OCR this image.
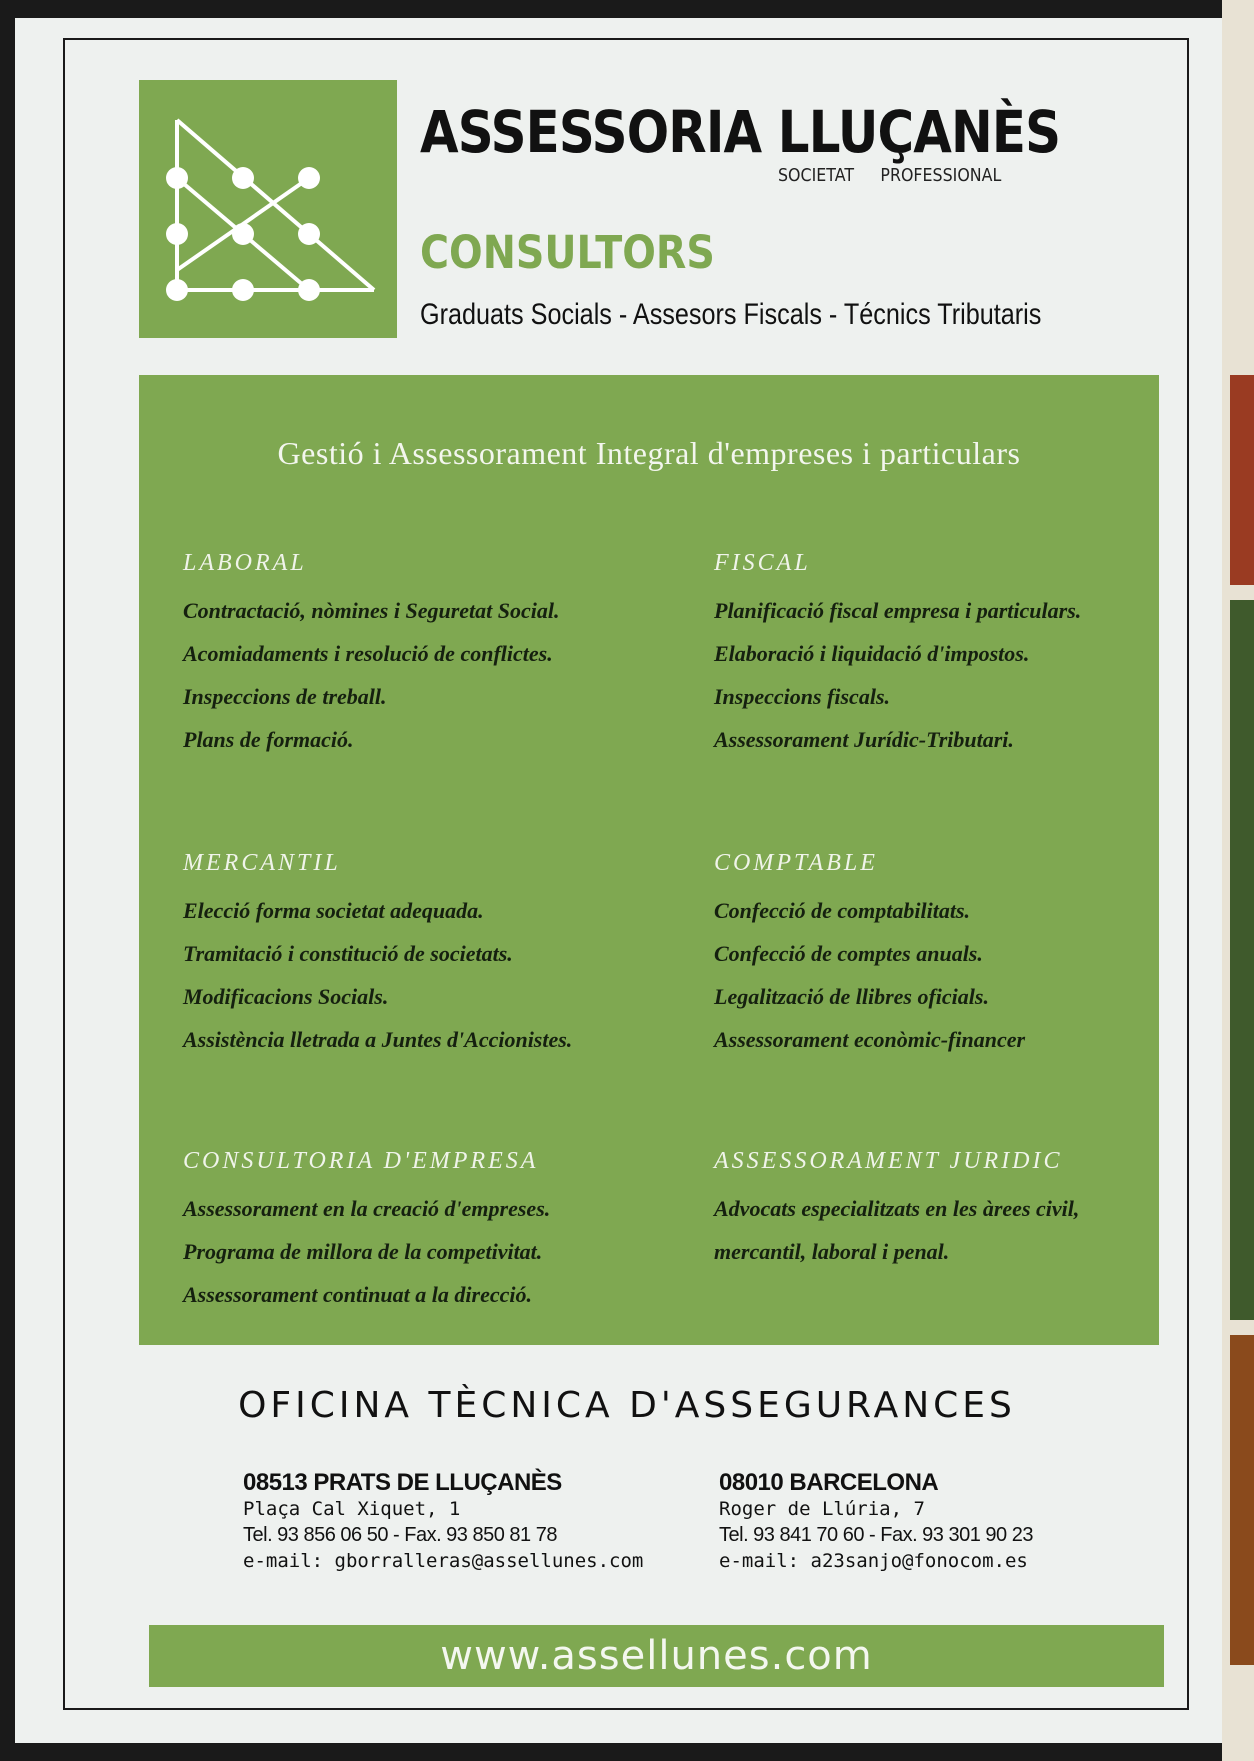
ASSESSORIA LLUÇANÈS
SOCIETAT PROFESSIONAL
CONSULTORS
Graduats Socials - Assesors Fiscals - Técnics Tributaris
Gestió i Assessorament Integral d'empreses i particulars
LABORAL
Contractació, nòmines i Seguretat Social.
Acomiadaments i resolució de conflictes.
Inspeccions de treball.
Plans de formació.
FISCAL
Planificació fiscal empresa i particulars.
Elaboració i liquidació d'impostos.
Inspeccions fiscals.
Assessorament Jurídic-Tributari.
MERCANTIL
Elecció forma societat adequada.
Tramitació i constitució de societats.
Modificacions Socials.
Assistència lletrada a Juntes d'Accionistes.
COMPTABLE
Confecció de comptabilitats.
Confecció de comptes anuals.
Legalització de llibres oficials.
Assessorament econòmic-financer
CONSULTORIA D'EMPRESA
Assessorament en la creació d'empreses.
Programa de millora de la competivitat.
Assessorament continuat a la direcció.
ASSESSORAMENT JURIDIC
Advocats especialitzats en les àrees civil,
mercantil, laboral i penal.
OFICINA TÈCNICA D'ASSEGURANCES
08513 PRATS DE LLUÇANÈS
Plaça Cal Xiquet, 1
Tel. 93 856 06 50 - Fax. 93 850 81 78
e-mail: gborralleras@assellunes.com
08010 BARCELONA
Roger de Llúria, 7
Tel. 93 841 70 60 - Fax. 93 301 90 23
e-mail: a23sanjo@fonocom.es
www.assellunes.com
